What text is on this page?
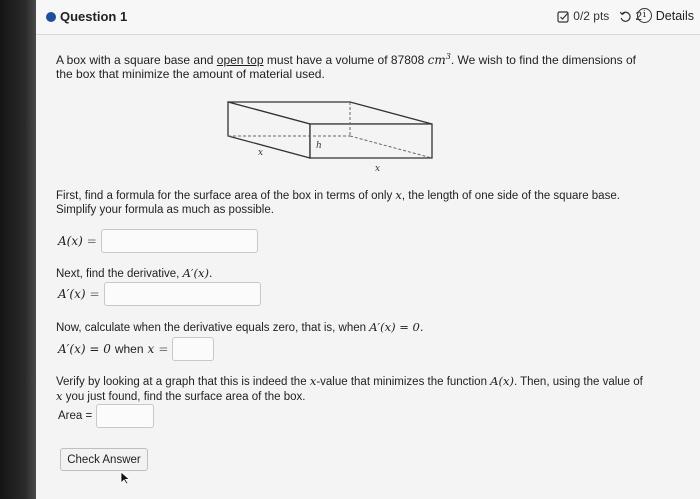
Question 1	0/2 pts 2 i Details
A box with a square base and open top must have a volume of 87808 $cm^3$. We wish to find the dimensions of the box that minimize the amount of material used.
x
h
x
First, find a formula for the surface area of the box in terms of only x, the length of one side of the square base. Simplify your formula as much as possible.
A(x) =
Next, find the derivative, A′(x).
A′(x) =
Now, calculate when the derivative equals zero, that is, when A′(x) = 0.
A′(x) = 0 when x =
Verify by looking at a graph that this is indeed the x-value that minimizes the function A(x). Then, using the value of x you just found, find the surface area of the box.
Area =
Check Answer
